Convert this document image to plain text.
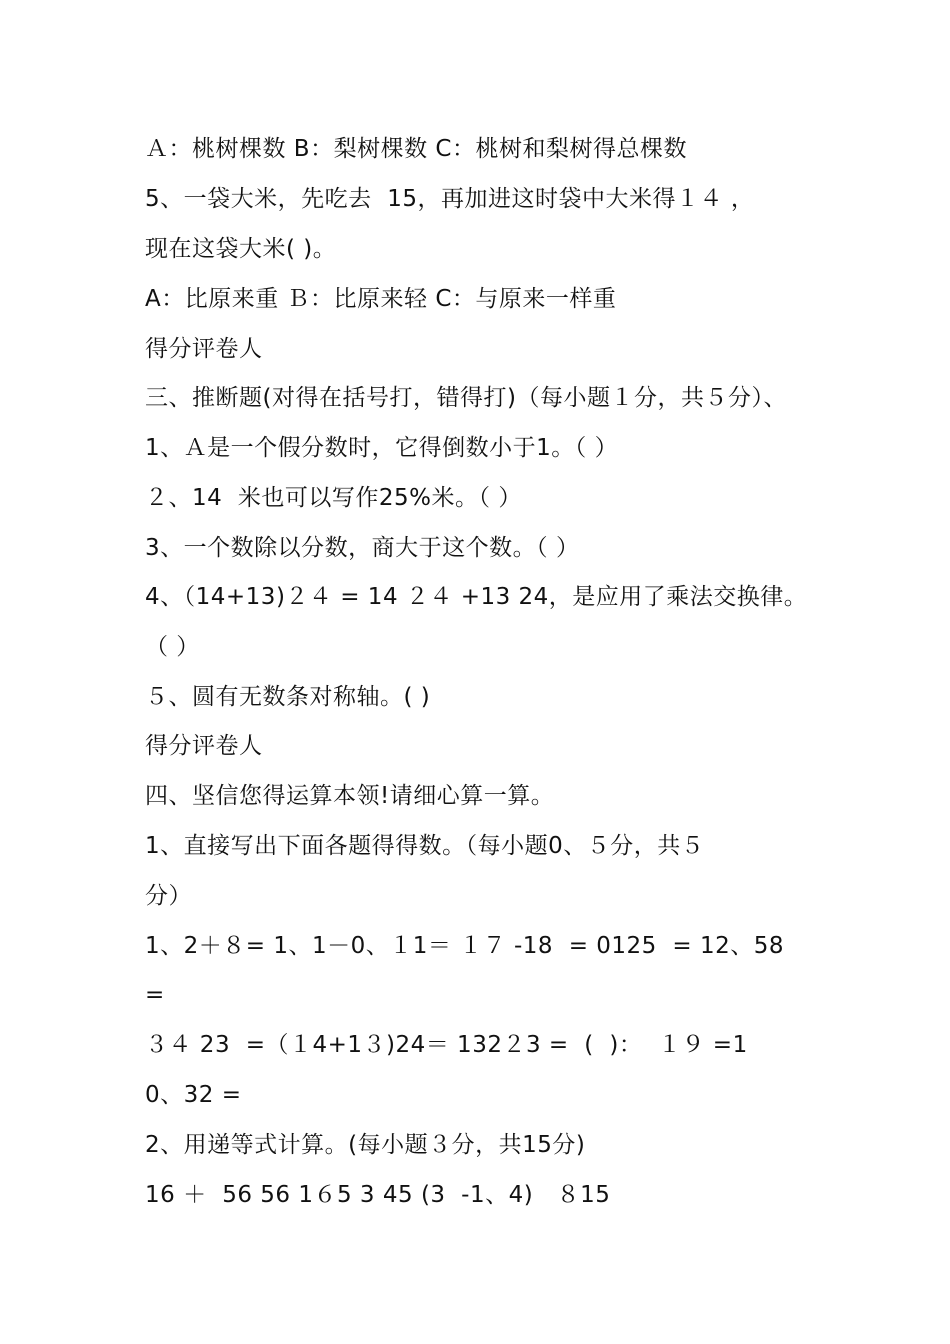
Ａ：桃树棵数 B：梨树棵数 C：桃树和梨树得总棵数
5、一袋大米，先吃去  15，再加进这时袋中大米得１４ ，
现在这袋大米( )。
A：比原来重 Ｂ：比原来轻 C：与原来一样重
得分评卷人
三、推断题(对得在括号打，错得打)（每小题１分，共５分）、
1、Ａ是一个假分数时，它得倒数小于1。（ ）
２、14  米也可以写作25%米。（ ）
3、一个数除以分数，商大于这个数。（ ）
4、（14+13)２４ = 14 ２４ +13 24，是应用了乘法交换律。
（ ）
５、圆有无数条对称轴。( )
得分评卷人
四、坚信您得运算本领!请细心算一算。
1、直接写出下面各题得得数。（每小题0、５分，共５
分）
1、2＋８= 1、1－0、１1＝ １７ -18  = 0125  = 12、58
=
３４ 23  =（１4+1３)24＝ 132２3 =  (  )：  １９ =1
0、32 =
2、用递等式计算。(每小题３分，共15分)
16 ＋  56 56 1６5 3 45 (3  -1、4)   ８15
